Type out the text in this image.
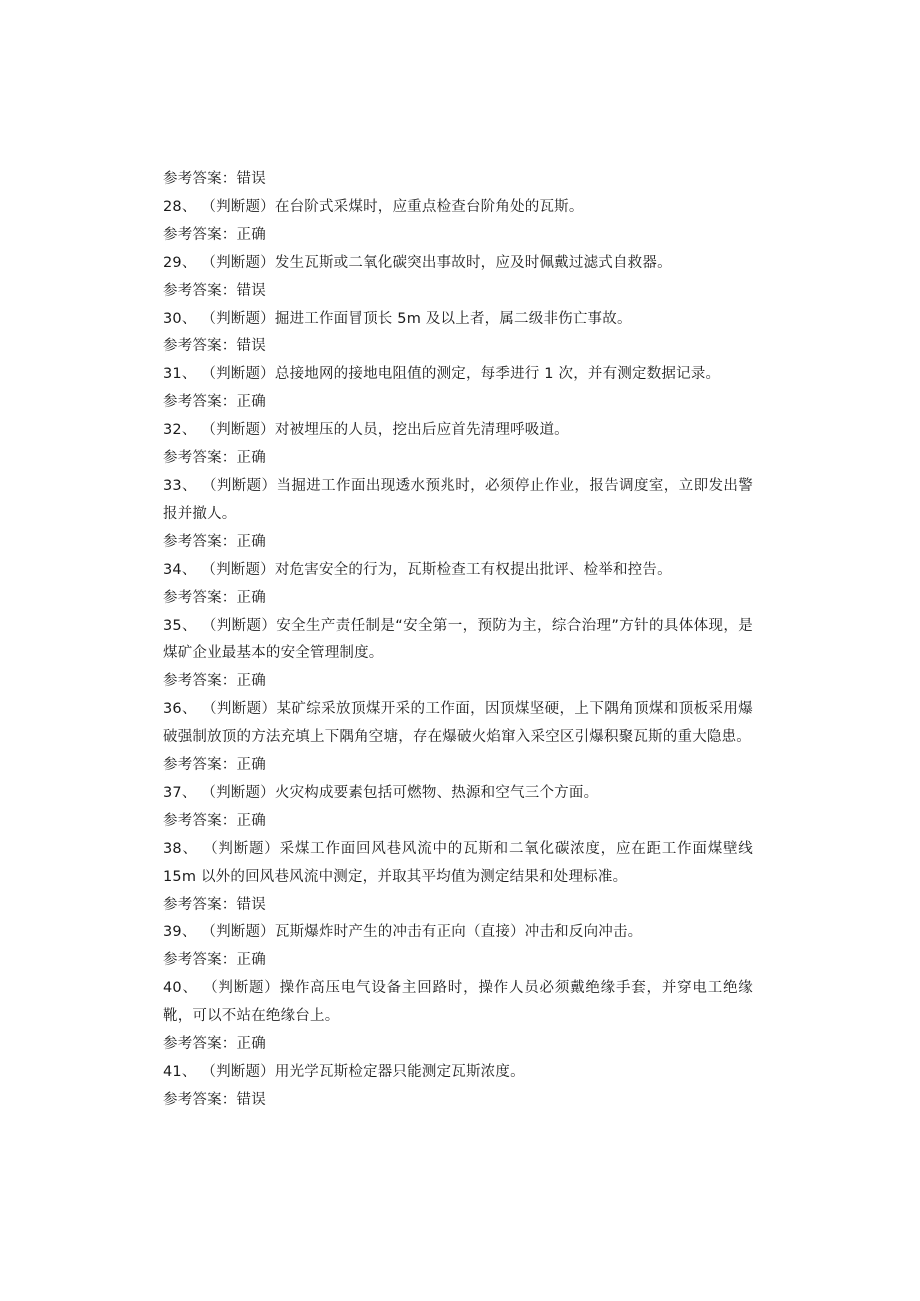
参考答案：错误
28、 （判断题）在台阶式采煤时，应重点检查台阶角处的瓦斯。
参考答案：正确
29、 （判断题）发生瓦斯或二氧化碳突出事故时，应及时佩戴过滤式自救器。
参考答案：错误
30、 （判断题）掘进工作面冒顶长 5m 及以上者，属二级非伤亡事故。
参考答案：错误
31、 （判断题）总接地网的接地电阻值的测定，每季进行 1 次，并有测定数据记录。
参考答案：正确
32、 （判断题）对被埋压的人员，挖出后应首先清理呼吸道。
参考答案：正确
33、 （判断题）当掘进工作面出现透水预兆时，必须停止作业，报告调度室，立即发出警报并撤人。
参考答案：正确
34、 （判断题）对危害安全的行为，瓦斯检查工有权提出批评、检举和控告。
参考答案：正确
35、 （判断题）安全生产责任制是“安全第一，预防为主，综合治理”方针的具体体现，是煤矿企业最基本的安全管理制度。
参考答案：正确
36、 （判断题）某矿综采放顶煤开采的工作面，因顶煤坚硬，上下隅角顶煤和顶板采用爆破强制放顶的方法充填上下隅角空塘，存在爆破火焰窜入采空区引爆积聚瓦斯的重大隐患。
参考答案：正确
37、 （判断题）火灾构成要素包括可燃物、热源和空气三个方面。
参考答案：正确
38、 （判断题）采煤工作面回风巷风流中的瓦斯和二氧化碳浓度，应在距工作面煤壁线 15m 以外的回风巷风流中测定，并取其平均值为测定结果和处理标准。
参考答案：错误
39、 （判断题）瓦斯爆炸时产生的冲击有正向（直接）冲击和反向冲击。
参考答案：正确
40、 （判断题）操作高压电气设备主回路时，操作人员必须戴绝缘手套，并穿电工绝缘靴，可以不站在绝缘台上。
参考答案：正确
41、 （判断题）用光学瓦斯检定器只能测定瓦斯浓度。
参考答案：错误
